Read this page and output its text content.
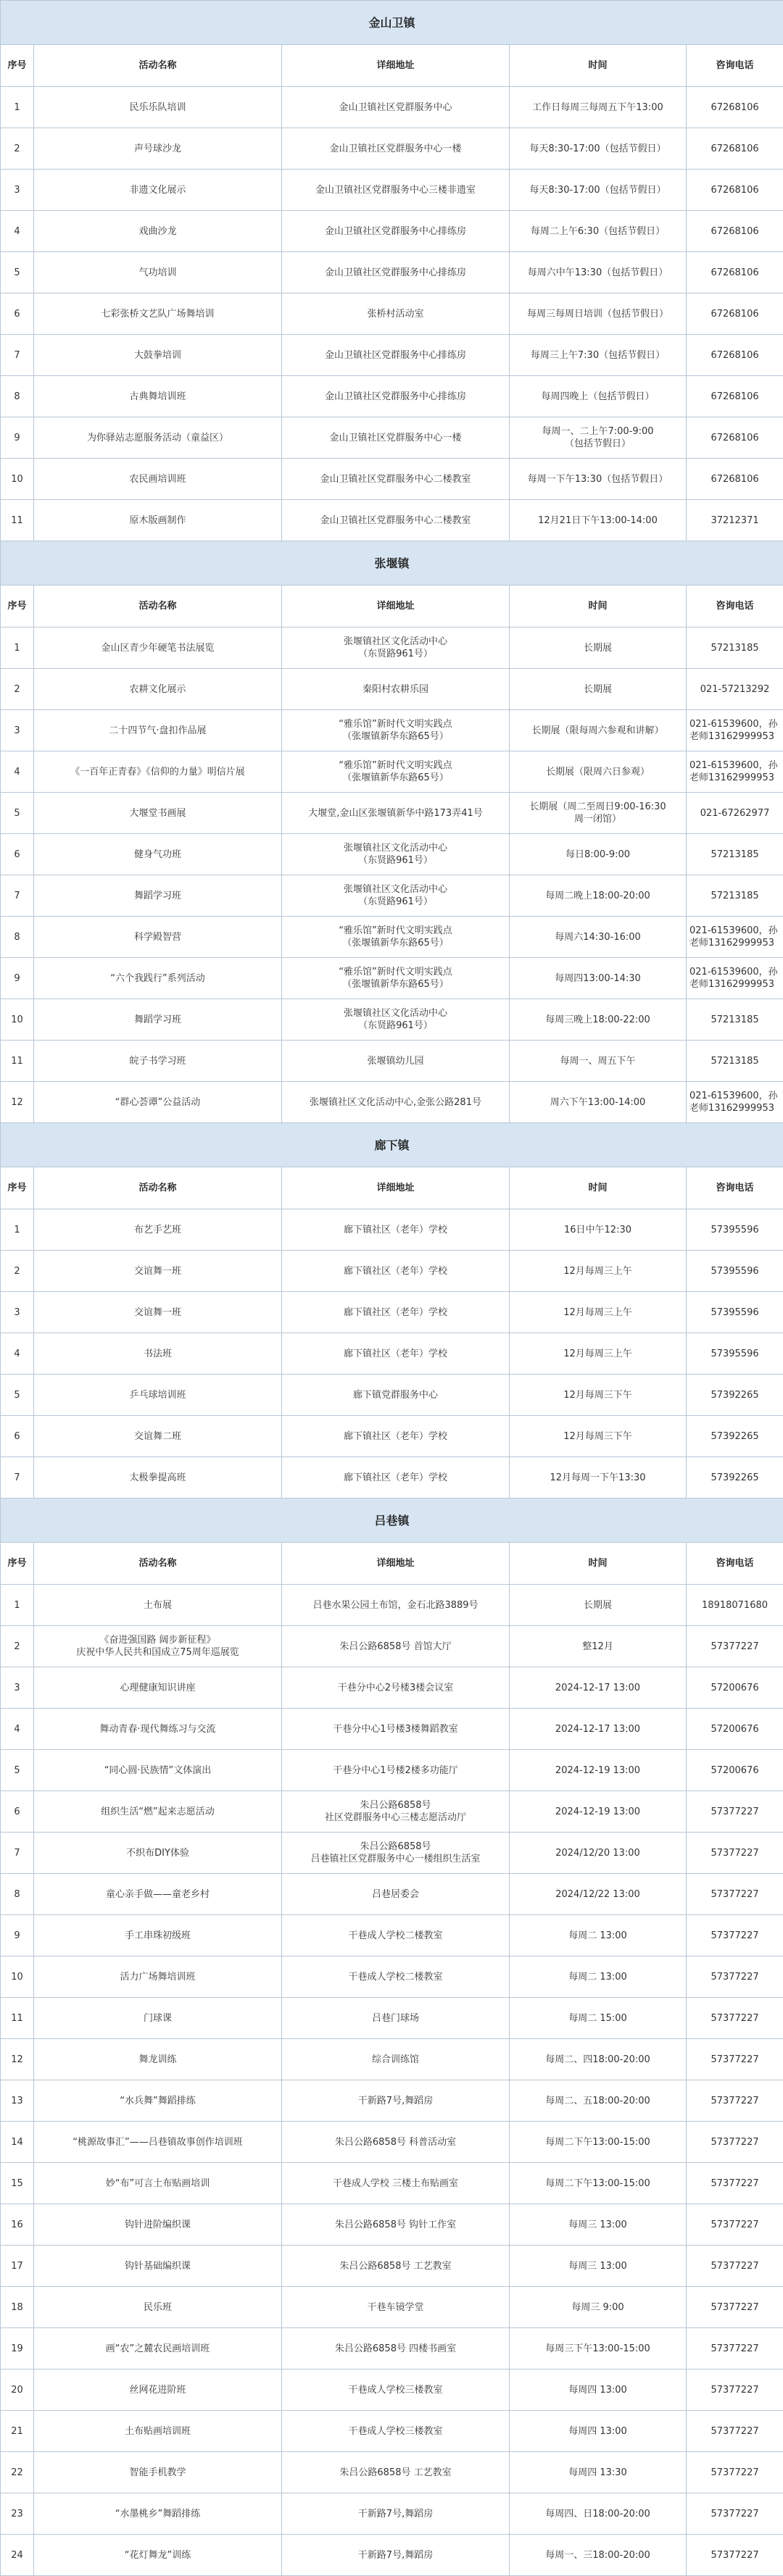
金山卫镇				
序号	活动名称	详细地址	时间	咨询电话
1	民乐乐队培训	金山卫镇社区党群服务中心	工作日每周三每周五下午13:00	67268106
2	声号球沙龙	金山卫镇社区党群服务中心一楼	每天8:30-17:00（包括节假日）	67268106
3	非遗文化展示	金山卫镇社区党群服务中心三楼非遗室	每天8:30-17:00（包括节假日）	67268106
4	戏曲沙龙	金山卫镇社区党群服务中心排练房	每周二上午6:30（包括节假日）	67268106
5	气功培训	金山卫镇社区党群服务中心排练房	每周六中午13:30（包括节假日）	67268106
6	七彩张桥文艺队广场舞培训	张桥村活动室	每周三每周日培训（包括节假日）	67268106
7	大鼓拳培训	金山卫镇社区党群服务中心排练房	每周三上午7:30（包括节假日）	67268106
8	古典舞培训班	金山卫镇社区党群服务中心排练房	每周四晚上（包括节假日）	67268106
9	为你驿站志愿服务活动（童益区）	金山卫镇社区党群服务中心一楼	每周一、二上午7:00-9:00
（包括节假日）	67268106
10	农民画培训班	金山卫镇社区党群服务中心二楼教室	每周一下午13:30（包括节假日）	67268106
11	原木版画制作	金山卫镇社区党群服务中心二楼教室	12月21日下午13:00-14:00	37212371
张堰镇				
序号	活动名称	详细地址	时间	咨询电话
1	金山区青少年硬笔书法展览	张堰镇社区文化活动中心
（东贤路961号）	长期展	57213185
2	农耕文化展示	秦阳村农耕乐园	长期展	021-57213292
3	二十四节气·盘扣作品展	“雅乐馆”新时代文明实践点
（张堰镇新华东路65号）	长期展（限每周六参观和讲解）	021-61539600，孙老师13162999953
4	《一百年正青春》《信仰的力量》明信片展	“雅乐馆”新时代文明实践点
（张堰镇新华东路65号）	长期展（限周六日参观）	021-61539600，孙老师13162999953
5	大堰堂书画展	大堰堂,金山区张堰镇新华中路173弄41号	长期展（周二至周日9:00-16:30
周一闭馆）	021-67262977
6	健身气功班	张堰镇社区文化活动中心
（东贤路961号）	每日8:00-9:00	57213185
7	舞蹈学习班	张堰镇社区文化活动中心
（东贤路961号）	每周二晚上18:00-20:00	57213185
8	科学殿智营	“雅乐馆”新时代文明实践点
（张堰镇新华东路65号）	每周六14:30-16:00	021-61539600，孙老师13162999953
9	“六个我践行”系列活动	“雅乐馆”新时代文明实践点
（张堰镇新华东路65号）	每周四13:00-14:30	021-61539600，孙老师13162999953
10	舞蹈学习班	张堰镇社区文化活动中心
（东贤路961号）	每周三晚上18:00-22:00	57213185
11	皖子书学习班	张堰镇幼儿园	每周一、周五下午	57213185
12	“群心荟谭”公益活动	张堰镇社区文化活动中心,金张公路281号	周六下午13:00-14:00	021-61539600，孙老师13162999953
廊下镇				
序号	活动名称	详细地址	时间	咨询电话
1	布艺手艺班	廊下镇社区（老年）学校	16日中午12:30	57395596
2	交谊舞一班	廊下镇社区（老年）学校	12月每周三上午	57395596
3	交谊舞一班	廊下镇社区（老年）学校	12月每周三上午	57395596
4	书法班	廊下镇社区（老年）学校	12月每周三上午	57395596
5	乒乓球培训班	廊下镇党群服务中心	12月每周三下午	57392265
6	交谊舞二班	廊下镇社区（老年）学校	12月每周三下午	57392265
7	太极拳提高班	廊下镇社区（老年）学校	12月每周一下午13:30	57392265
吕巷镇				
序号	活动名称	详细地址	时间	咨询电话
1	土布展	吕巷水果公园土布馆，金石北路3889号	长期展	18918071680
2	《奋进强国路 阔步新征程》
庆祝中华人民共和国成立75周年巡展览	朱吕公路6858号 首馆大厅	整12月	57377227
3	心理健康知识讲座	干巷分中心2号楼3楼会议室	2024-12-17 13:00	57200676
4	舞动青春·现代舞练习与交流	干巷分中心1号楼3楼舞蹈教室	2024-12-17 13:00	57200676
5	“同心圆·民族情”文体演出	干巷分中心1号楼2楼多功能厅	2024-12-19 13:00	57200676
6	组织生活“燃”起来志愿活动	朱吕公路6858号
社区党群服务中心三楼志愿活动厅	2024-12-19 13:00	57377227
7	不织布DIY体验	朱吕公路6858号
吕巷镇社区党群服务中心一楼组织生活室	2024/12/20 13:00	57377227
8	童心亲手做——童老乡村	吕巷居委会	2024/12/22 13:00	57377227
9	手工串珠初级班	干巷成人学校二楼教室	每周二 13:00	57377227
10	活力广场舞培训班	干巷成人学校二楼教室	每周二 13:00	57377227
11	门球课	吕巷门球场	每周二 15:00	57377227
12	舞龙训练	综合训练馆	每周二、四18:00-20:00	57377227
13	“水兵舞”舞蹈排练	干新路7号,舞蹈房	每周二、五18:00-20:00	57377227
14	“桃源故事汇”——吕巷镇故事创作培训班	朱吕公路6858号 科普活动室	每周二下午13:00-15:00	57377227
15	妙“布”可言土布贴画培训	干巷成人学校 三楼土布贴画室	每周二下午13:00-15:00	57377227
16	钩针进阶编织课	朱吕公路6858号 钩针工作室	每周三 13:00	57377227
17	钩针基础编织课	朱吕公路6858号 工艺教室	每周三 13:00	57377227
18	民乐班	干巷车镜学堂	每周三 9:00	57377227
19	画“农”之麓农民画培训班	朱吕公路6858号 四楼书画室	每周三下午13:00-15:00	57377227
20	丝网花进阶班	干巷成人学校三楼教室	每周四 13:00	57377227
21	土布贴画培训班	干巷成人学校三楼教室	每周四 13:00	57377227
22	智能手机教学	朱吕公路6858号 工艺教室	每周四 13:30	57377227
23	“水墨桃乡”舞蹈排练	干新路7号,舞蹈房	每周四、日18:00-20:00	57377227
24	“花灯舞龙”训练	干新路7号,舞蹈房	每周一、三18:00-20:00	57377227
